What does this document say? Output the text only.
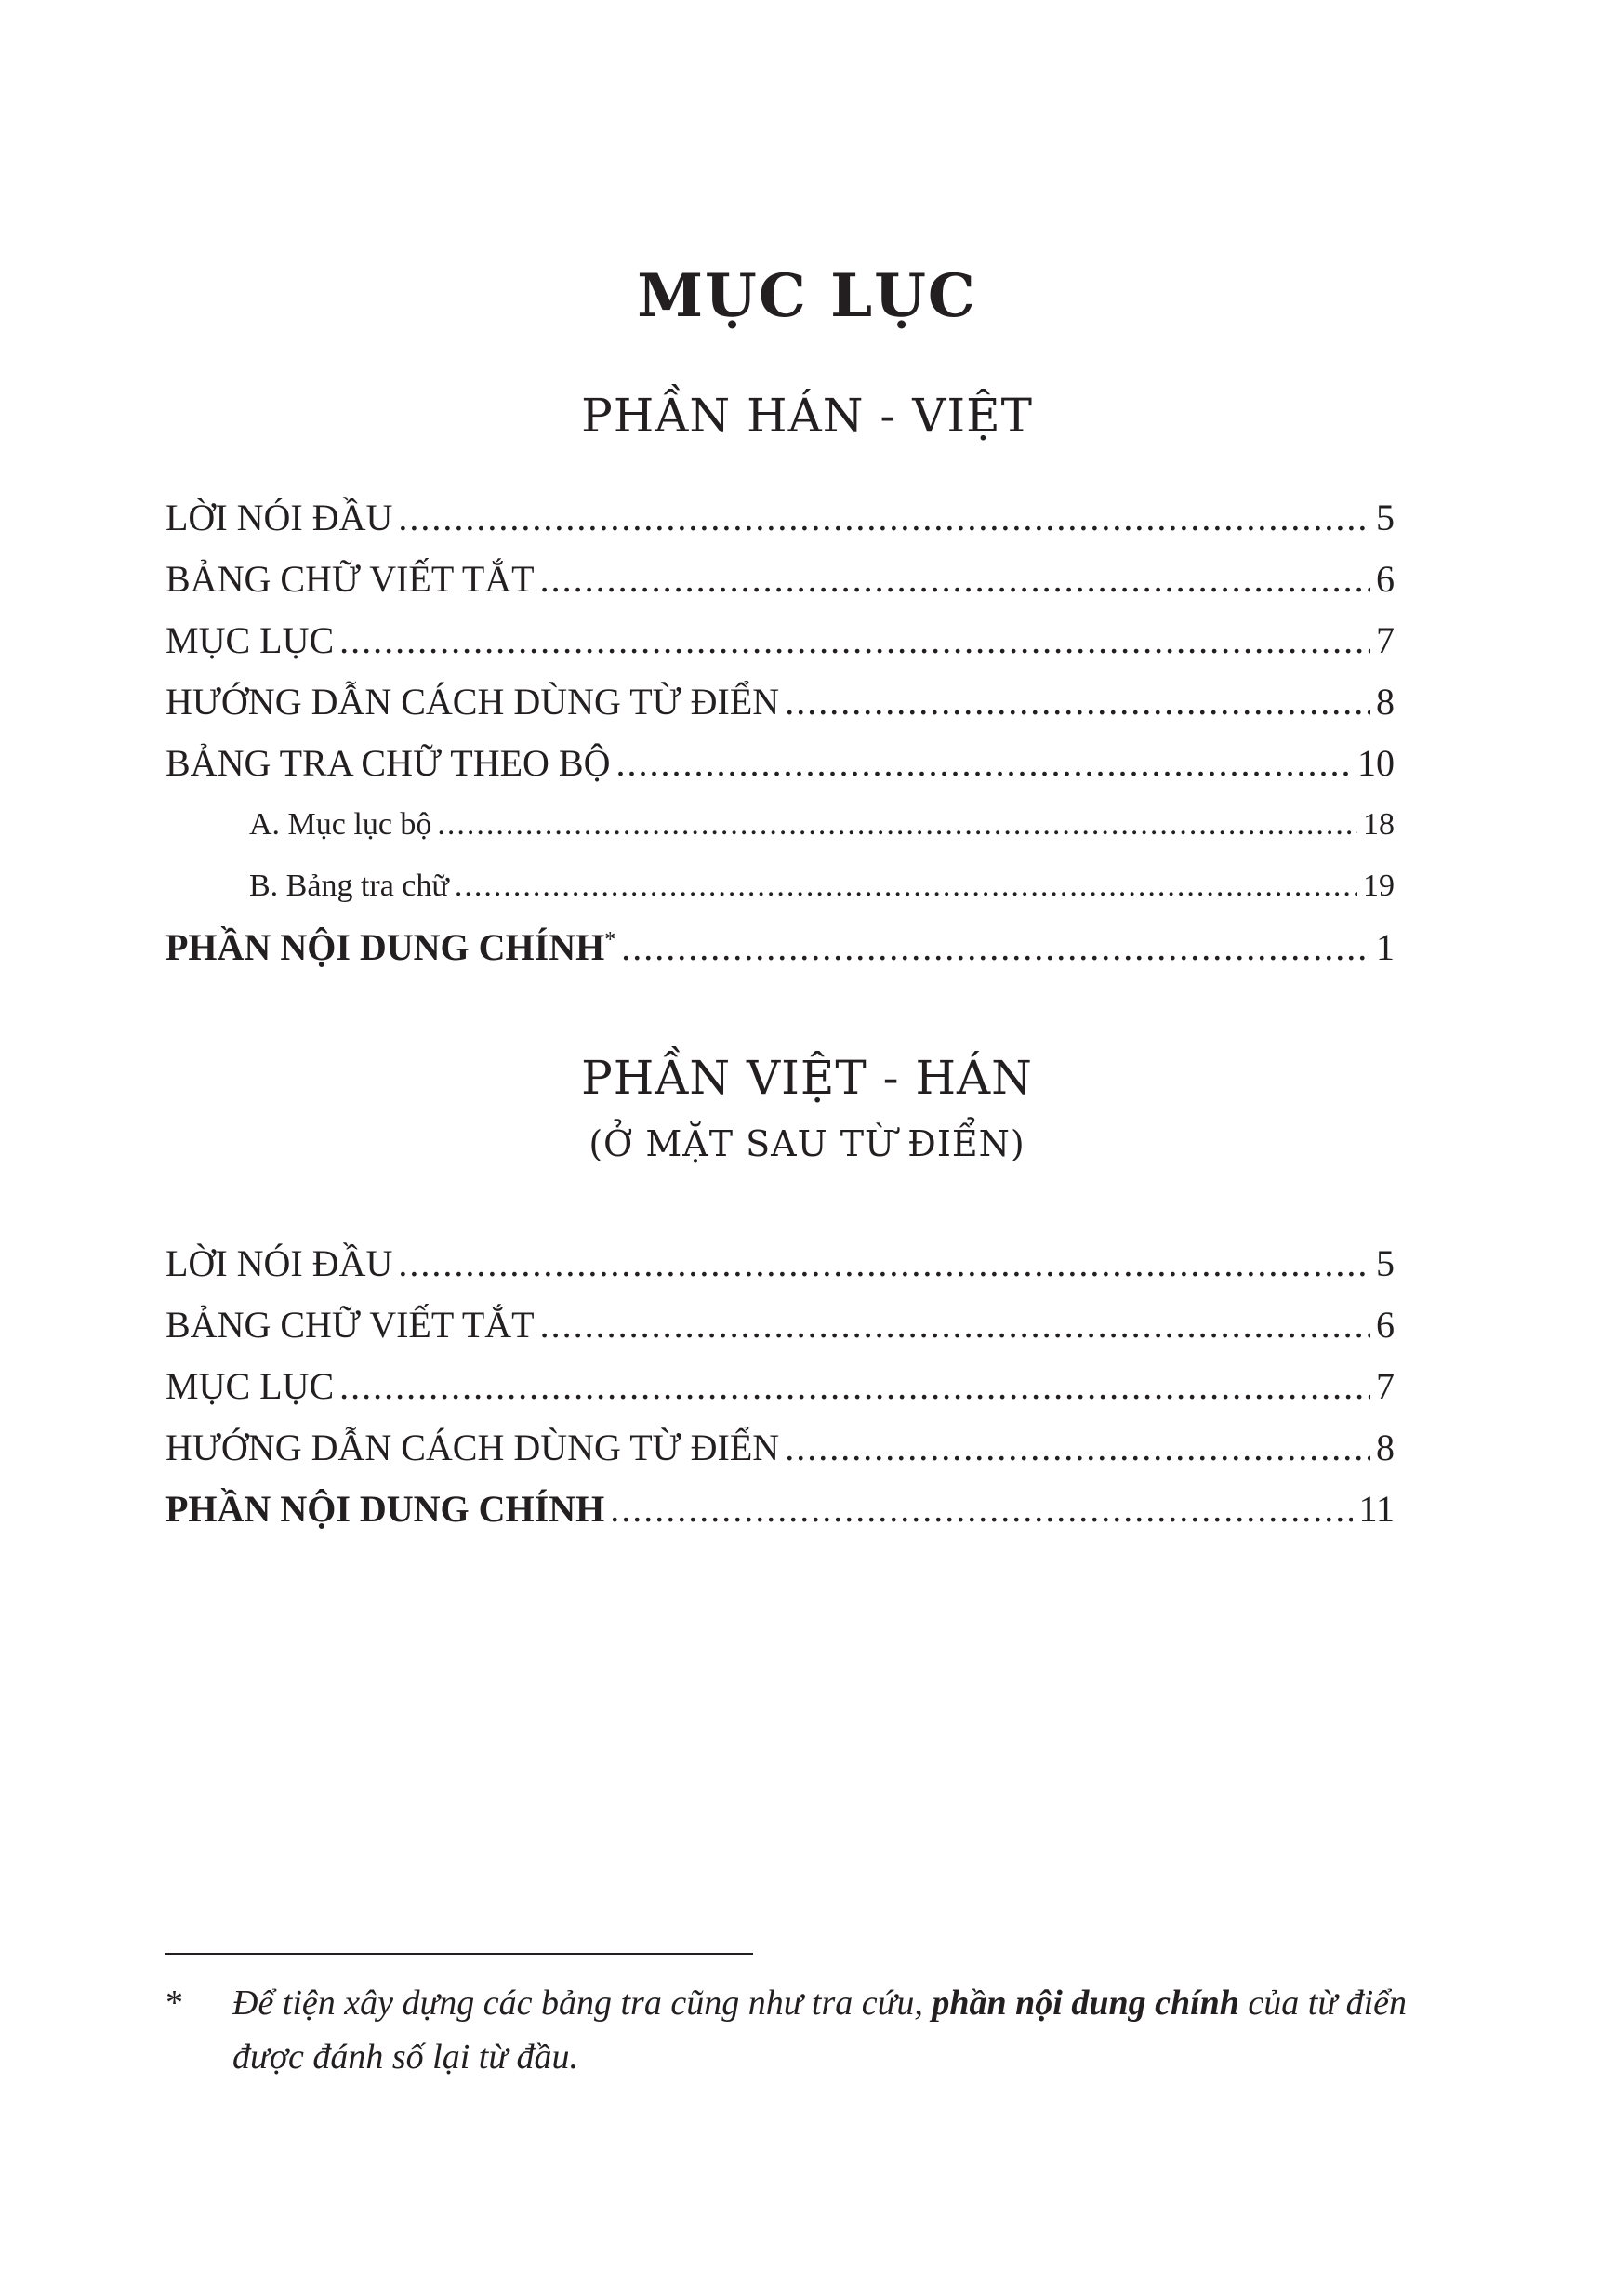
MỤC LỤC
PHẦN HÁN - VIỆT
LỜI NÓI ĐẦU .....	5
BẢNG CHỮ VIẾT TẮT .....	6
MỤC LỤC .....	7
HƯỚNG DẪN CÁCH DÙNG TỪ ĐIỂN .....	8
BẢNG TRA CHỮ THEO BỘ .....	10
A. Mục lục bộ .....	18
B. Bảng tra chữ .....	19
PHẦN NỘI DUNG CHÍNH* .....	1
PHẦN VIỆT - HÁN
(Ở MẶT SAU TỪ ĐIỂN)
LỜI NÓI ĐẦU .....	5
BẢNG CHỮ VIẾT TẮT .....	6
MỤC LỤC .....	7
HƯỚNG DẪN CÁCH DÙNG TỪ ĐIỂN .....	8
PHẦN NỘI DUNG CHÍNH .....	11
*	Để tiện xây dựng các bảng tra cũng như tra cứu, phần nội dung chính của từ điển được đánh số lại từ đầu.
